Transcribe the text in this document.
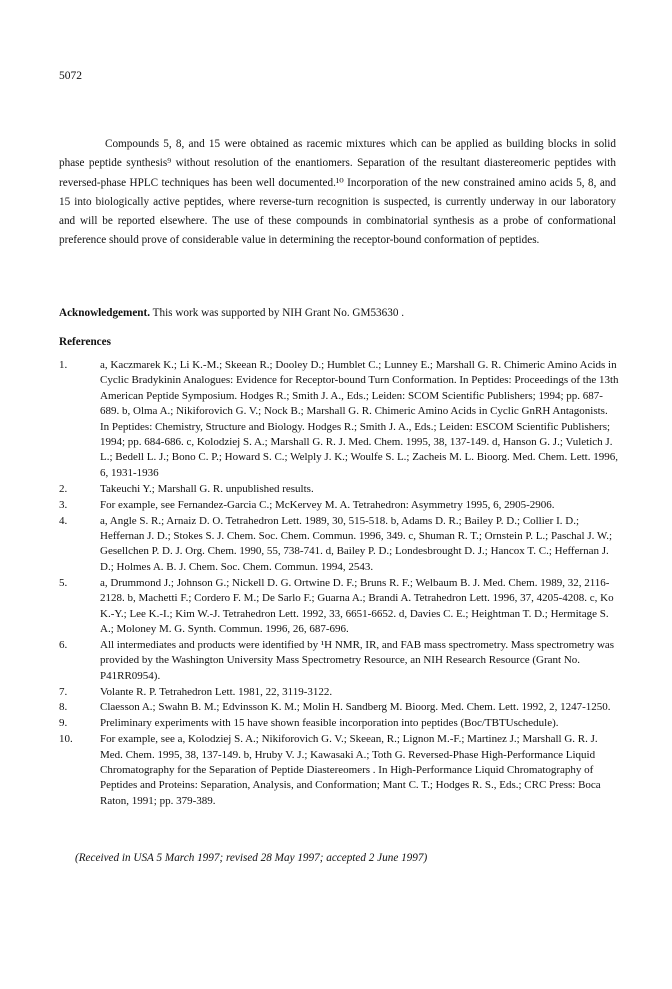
5072

Compounds 5, 8, and 15 were obtained as racemic mixtures which can be applied as building blocks in solid phase peptide synthesis⁹ without resolution of the enantiomers. Separation of the resultant diastereomeric peptides with reversed-phase HPLC techniques has been well documented.¹⁰ Incorporation of the new constrained amino acids 5, 8, and 15 into biologically active peptides, where reverse-turn recognition is suspected, is currently underway in our laboratory and will be reported elsewhere. The use of these compounds in combinatorial synthesis as a probe of conformational preference should prove of considerable value in determining the receptor-bound conformation of peptides.

Acknowledgement. This work was supported by NIH Grant No. GM53630 .
References
1.	a, Kaczmarek K.; Li K.-M.; Skeean R.; Dooley D.; Humblet C.; Lunney E.; Marshall G. R. Chimeric Amino Acids in Cyclic Bradykinin Analogues: Evidence for Receptor-bound Turn Conformation. In Peptides: Proceedings of the 13th American Peptide Symposium. Hodges R.; Smith J. A., Eds.; Leiden: SCOM Scientific Publishers; 1994; pp. 687-689. b, Olma A.; Nikiforovich G. V.; Nock B.; Marshall G. R. Chimeric Amino Acids in Cyclic GnRH Antagonists. In Peptides: Chemistry, Structure and Biology. Hodges R.; Smith J. A., Eds.; Leiden: ESCOM Scientific Publishers; 1994; pp. 684-686. c, Kolodziej S. A.; Marshall G. R. J. Med. Chem. 1995, 38, 137-149. d, Hanson G. J.; Vuletich J. L.; Bedell L. J.; Bono C. P.; Howard S. C.; Welply J. K.; Woulfe S. L.; Zacheis M. L. Bioorg. Med. Chem. Lett. 1996, 6, 1931-1936
2.	Takeuchi Y.; Marshall G. R. unpublished results.
3.	For example, see Fernandez-Garcia C.; McKervey M. A. Tetrahedron: Asymmetry 1995, 6, 2905-2906.
4.	a, Angle S. R.; Arnaiz D. O. Tetrahedron Lett. 1989, 30, 515-518. b, Adams D. R.; Bailey P. D.; Collier I. D.; Heffernan J. D.; Stokes S. J. Chem. Soc. Chem. Commun. 1996, 349. c, Shuman R. T.; Ornstein P. L.; Paschal J. W.; Gesellchen P. D. J. Org. Chem. 1990, 55, 738-741. d, Bailey P. D.; Londesbrought D. J.; Hancox T. C.; Heffernan J. D.; Holmes A. B. J. Chem. Soc. Chem. Commun. 1994, 2543.
5.	a, Drummond J.; Johnson G.; Nickell D. G. Ortwine D. F.; Bruns R. F.; Welbaum B. J. Med. Chem. 1989, 32, 2116-2128. b, Machetti F.; Cordero F. M.; De Sarlo F.; Guarna A.; Brandi A. Tetrahedron Lett. 1996, 37, 4205-4208. c, Ko K.-Y.; Lee K.-I.; Kim W.-J. Tetrahedron Lett. 1992, 33, 6651-6652. d, Davies C. E.; Heightman T. D.; Hermitage S. A.; Moloney M. G. Synth. Commun. 1996, 26, 687-696.
6.	All intermediates and products were identified by ¹H NMR, IR, and FAB mass spectrometry. Mass spectrometry was provided by the Washington University Mass Spectrometry Resource, an NIH Research Resource (Grant No. P41RR0954).
7.	Volante R. P. Tetrahedron Lett. 1981, 22, 3119-3122.
8.	Claesson A.; Swahn B. M.; Edvinsson K. M.; Molin H. Sandberg M. Bioorg. Med. Chem. Lett. 1992, 2, 1247-1250.
9.	Preliminary experiments with 15 have shown feasible incorporation into peptides (Boc/TBTUschedule).
10.	For example, see a, Kolodziej S. A.; Nikiforovich G. V.; Skeean, R.; Lignon M.-F.; Martinez J.; Marshall G. R. J. Med. Chem. 1995, 38, 137-149. b, Hruby V. J.; Kawasaki A.; Toth G. Reversed-Phase High-Performance Liquid Chromatography for the Separation of Peptide Diastereomers . In High-Performance Liquid Chromatography of Peptides and Proteins: Separation, Analysis, and Conformation; Mant C. T.; Hodges R. S., Eds.; CRC Press: Boca Raton, 1991; pp. 379-389.
(Received in USA 5 March 1997; revised 28 May 1997; accepted 2 June 1997)
